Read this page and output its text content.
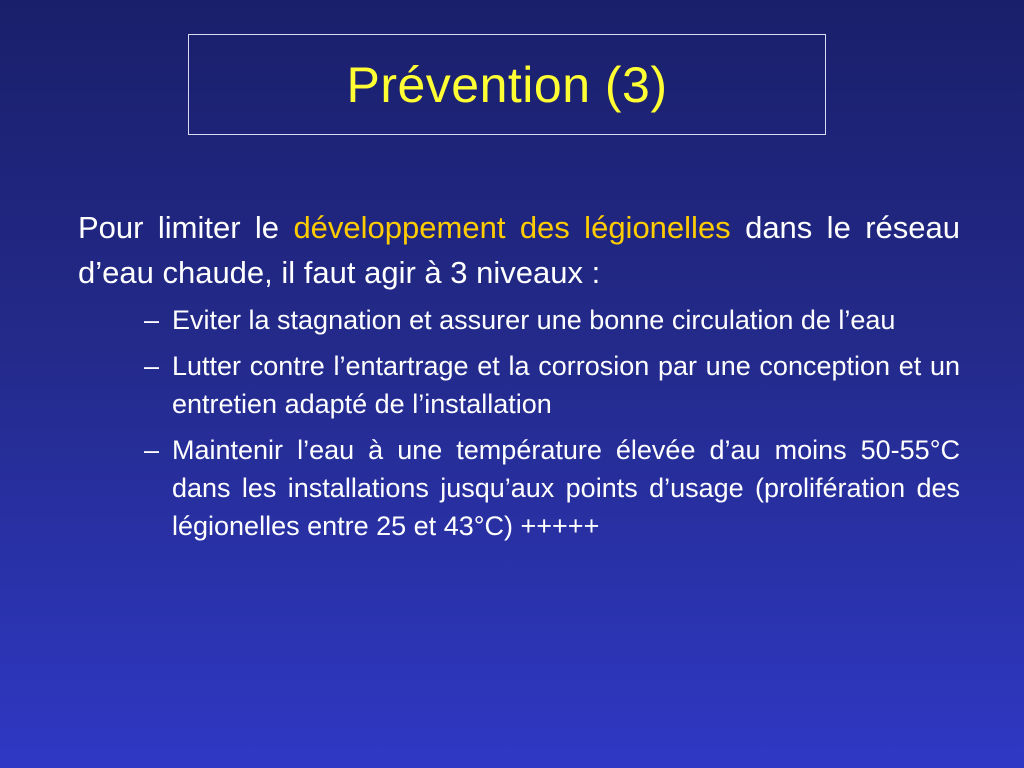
Prévention (3)

Pour limiter le développement des légionelles dans le réseau d’eau chaude, il faut agir à 3 niveaux :

– Eviter la stagnation et assurer une bonne circulation de l’eau
– Lutter contre l’entartrage et la corrosion par une conception et un entretien adapté de l’installation
– Maintenir l’eau à une température élevée d’au moins 50-55°C dans les installations jusqu’aux points d’usage (prolifération des légionelles entre 25 et 43°C) +++++
